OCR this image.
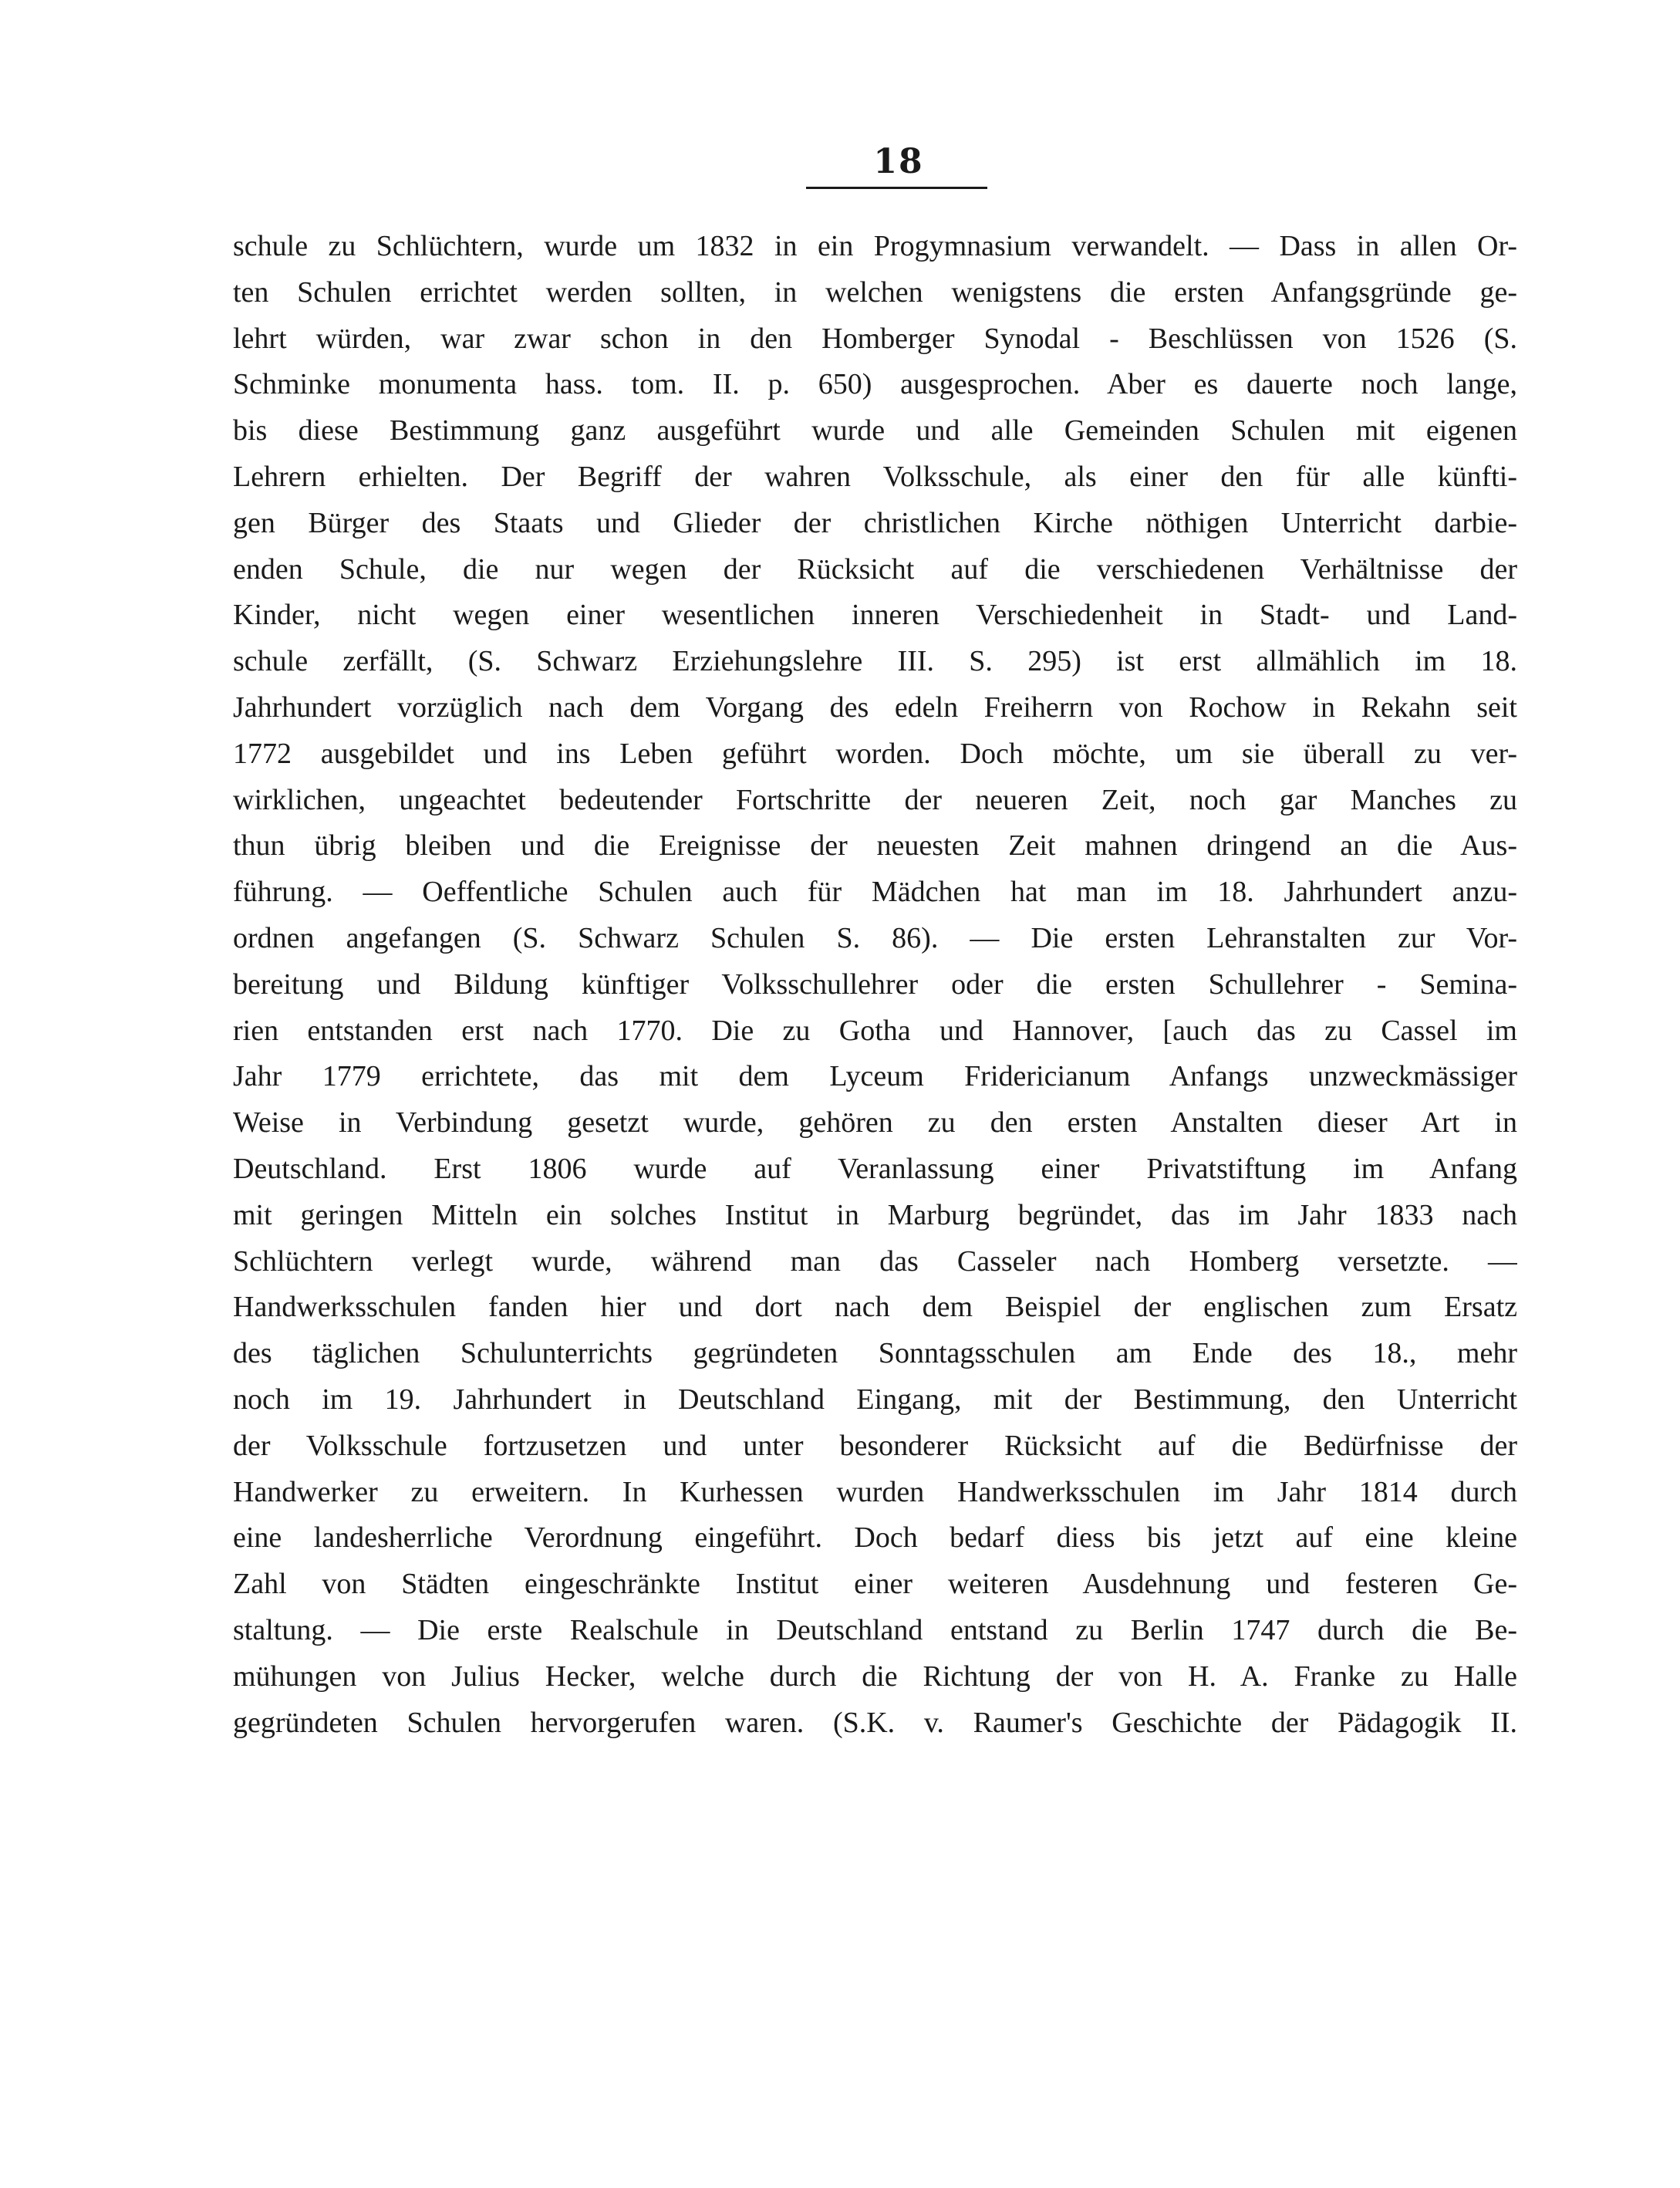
18
schule zu Schlüchtern, wurde um 1832 in ein Progymnasium verwandelt. — Dass in allen Or-
ten Schulen errichtet werden sollten, in welchen wenigstens die ersten Anfangsgründe ge-
lehrt würden, war zwar schon in den Homberger Synodal - Beschlüssen von 1526 (S.
Schminke monumenta hass. tom. II. p. 650) ausgesprochen. Aber es dauerte noch lange,
bis diese Bestimmung ganz ausgeführt wurde und alle Gemeinden Schulen mit eigenen
Lehrern erhielten. Der Begriff der wahren Volksschule, als einer den für alle künfti-
gen Bürger des Staats und Glieder der christlichen Kirche nöthigen Unterricht darbie-
enden Schule, die nur wegen der Rücksicht auf die verschiedenen Verhältnisse der
Kinder, nicht wegen einer wesentlichen inneren Verschiedenheit in Stadt- und Land-
schule zerfällt, (S. Schwarz Erziehungslehre III. S. 295) ist erst allmählich im 18.
Jahrhundert vorzüglich nach dem Vorgang des edeln Freiherrn von Rochow in Rekahn seit
1772 ausgebildet und ins Leben geführt worden. Doch möchte, um sie überall zu ver-
wirklichen, ungeachtet bedeutender Fortschritte der neueren Zeit, noch gar Manches zu
thun übrig bleiben und die Ereignisse der neuesten Zeit mahnen dringend an die Aus-
führung. — Oeffentliche Schulen auch für Mädchen hat man im 18. Jahrhundert anzu-
ordnen angefangen (S. Schwarz Schulen S. 86). — Die ersten Lehranstalten zur Vor-
bereitung und Bildung künftiger Volksschullehrer oder die ersten Schullehrer - Semina-
rien entstanden erst nach 1770. Die zu Gotha und Hannover, [auch das zu Cassel im
Jahr 1779 errichtete, das mit dem Lyceum Fridericianum Anfangs unzweckmässiger
Weise in Verbindung gesetzt wurde, gehören zu den ersten Anstalten dieser Art in
Deutschland. Erst 1806 wurde auf Veranlassung einer Privatstiftung im Anfang
mit geringen Mitteln ein solches Institut in Marburg begründet, das im Jahr 1833 nach
Schlüchtern verlegt wurde, während man das Casseler nach Homberg versetzte. —
Handwerksschulen fanden hier und dort nach dem Beispiel der englischen zum Ersatz
des täglichen Schulunterrichts gegründeten Sonntagsschulen am Ende des 18., mehr
noch im 19. Jahrhundert in Deutschland Eingang, mit der Bestimmung, den Unterricht
der Volksschule fortzusetzen und unter besonderer Rücksicht auf die Bedürfnisse der
Handwerker zu erweitern. In Kurhessen wurden Handwerksschulen im Jahr 1814 durch
eine landesherrliche Verordnung eingeführt. Doch bedarf diess bis jetzt auf eine kleine
Zahl von Städten eingeschränkte Institut einer weiteren Ausdehnung und festeren Ge-
staltung. — Die erste Realschule in Deutschland entstand zu Berlin 1747 durch die Be-
mühungen von Julius Hecker, welche durch die Richtung der von H. A. Franke zu Halle
gegründeten Schulen hervorgerufen waren. (S.K. v. Raumer's Geschichte der Pädagogik II.
